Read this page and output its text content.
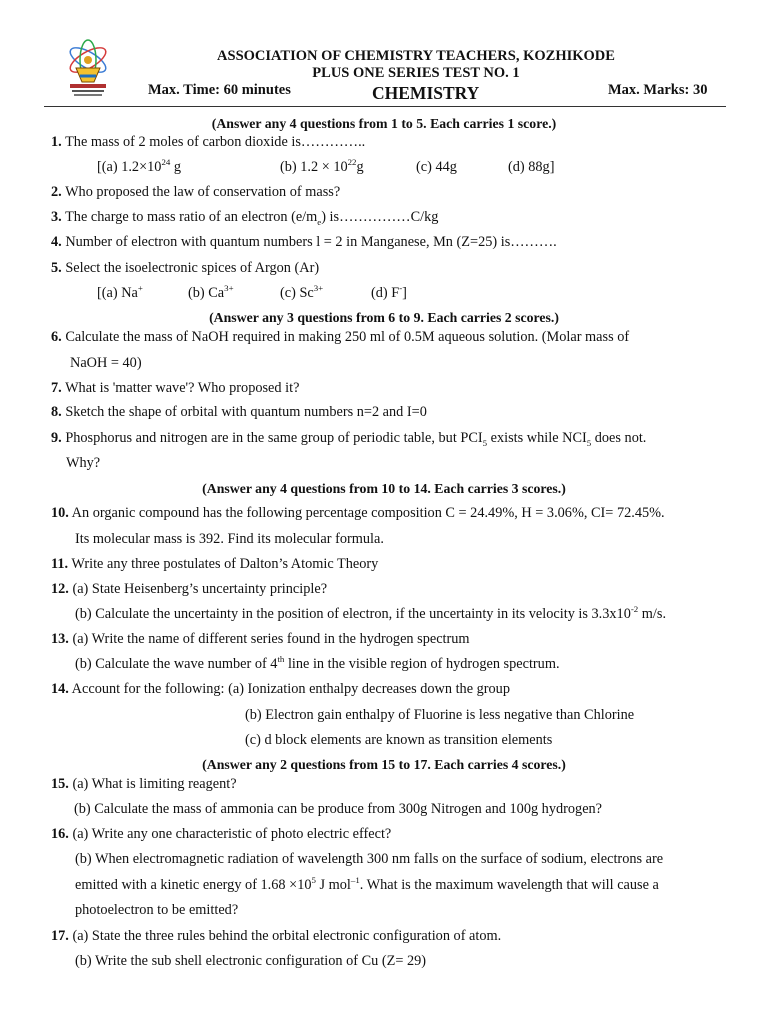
ASSOCIATION OF CHEMISTRY TEACHERS, KOZHIKODE
PLUS ONE SERIES TEST NO. 1
Max. Time: 60 minutes	CHEMISTRY	Max. Marks: 30
(Answer any 4 questions from 1 to 5. Each carries 1 score.)
1. The mass of 2 moles of carbon dioxide is…………..
[(a) $1.2\times 10^{24}$ g	(b) $1.2 \times 10^{22}g$	(c) 44g	(d) 88g]
2. Who proposed the law of conservation of mass?
3. The charge to mass ratio of an electron $(e/m_e)$ is……………C/kg
4. Number of electron with quantum numbers l = 2 in Manganese, Mn (Z=25) is……….
5. Select the isoelectronic spices of Argon (Ar)
[(a) Na+	(b) $Ca^{3+}$	(c) $Sc^{3+}$	(d) F-]
(Answer any 3 questions from 6 to 9. Each carries 2 scores.)
6. Calculate the mass of NaOH required in making 250 ml of 0.5M aqueous solution. (Molar mass of
NaOH = 40)
7. What is 'matter wave'? Who proposed it?
8. Sketch the shape of orbital with quantum numbers n=2 and I=0
9. Phosphorus and nitrogen are in the same group of periodic table, but $PCI_5$ exists while $NCI_5$ does not.
Why?
(Answer any 4 questions from 10 to 14. Each carries 3 scores.)
10. An organic compound has the following percentage composition C = 24.49%, H = 3.06%, CI= 72.45%.
Its molecular mass is 392. Find its molecular formula.
11. Write any three postulates of Dalton’s Atomic Theory
12. (a) State Heisenberg’s uncertainty principle?
(b) Calculate the uncertainty in the position of electron, if the uncertainty in its velocity is $3.3x10^{-2}$ m/s.
13. (a) Write the name of different series found in the hydrogen spectrum
(b) Calculate the wave number of 4th line in the visible region of hydrogen spectrum.
14. Account for the following: (a) Ionization enthalpy decreases down the group
(b) Electron gain enthalpy of Fluorine is less negative than Chlorine
(c) d block elements are known as transition elements
(Answer any 2 questions from 15 to 17. Each carries 4 scores.)
15. (a) What is limiting reagent?
(b) Calculate the mass of ammonia can be produce from 300g Nitrogen and 100g hydrogen?
16. (a) Write any one characteristic of photo electric effect?
(b) When electromagnetic radiation of wavelength 300 nm falls on the surface of sodium, electrons are
emitted with a kinetic energy of $1.68 \times 10^5$ J mol$^{-1}$. What is the maximum wavelength that will cause a
photoelectron to be emitted?
17. (a) State the three rules behind the orbital electronic configuration of atom.
(b) Write the sub shell electronic configuration of Cu (Z= 29)
